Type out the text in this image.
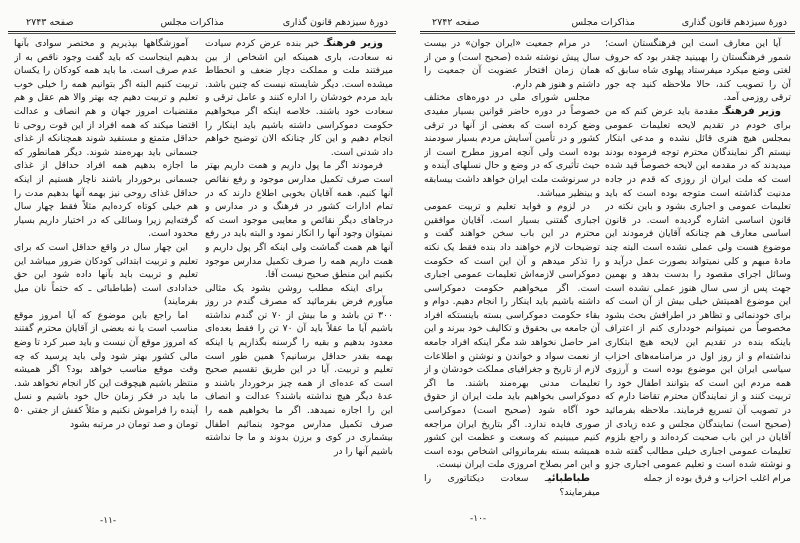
دورهٔ سیزدهم قانون گذاری
مذاکرات مجلس
صفحه ۲۷۴۳

وزیر فرهنگـ خیر بنده عرض کردم سیادت نه سعادت، باری همینکه این اشخاص از بین میرفتند ملت و مملکت دچار ضعف و انحطاط میشده است. دیگر شایسته نیست که چنین باشد. باید مردم خودشان را اداره کنند و عامل ترقی و سعادت خود باشند. خلاصه اینکه اگر میخواهیم حکومت دموکراسی داشته باشیم باید اینکار را انجام دهیم و این کار چنانکه الان توضیح خواهم داد شدنی است.

فرمودند اگر ما پول داریم و همت داریم بهتر است صرف تکمیل مدارس موجود و رفع نقائص آنها کنیم. همه آقایان بخوبی اطلاع دارند که در تمام ادارات کشور در فرهنگ و در مدارس و درجاهای دیگر نقائص و معایبی موجود است که نمیتوان وجود آنها را انکار نمود و البته باید در رفع آنها هم همت گماشت ولی اینکه اگر پول داریم و همت داریم همه را صرف تکمیل مدارس موجود بکنیم این منطق صحیح نیست آقا.

برای اینکه مطلب روشن بشود یک مثالی میآورم فرض بفرمائید که مصرف گندم در روز ۳۰۰ تن باشد و ما بیش از ۷۰ تن گندم نداشته باشیم آیا ما عقلاً باید آن ۷۰ تن را فقط بعده‌ای معدود بدهیم و بقیه را گرسنه بگذاریم یا اینکه بهمه بقدر حداقل برسانیم؟ همین طور است تعلیم و تربیت. آیا در این طریق تقسیم صحیح است که عده‌ای از همه چیز برخوردار باشند و عدهٔ دیگر هیچ نداشته باشند؟ عدالت و انصاف این را اجازه نمیدهد. اگر ما بخواهیم همه را صرف تکمیل مدارس موجود بنمائیم اطفال بیشماری در کوی و برزن بدوند و ما جا نداشته باشیم آنها را در

آموزشگاهها بپذیریم و مختصر سوادی بآنها بدهیم اینجاست که باید گفت وجود ناقص به از عدم صرف است. ما باید همه کودکان را یکسان تربیت کنیم البته اگر بتوانیم همه را خیلی خوب تعلیم و تربیت دهیم چه بهتر والا هم عقل و هم مقتضیات امروز جهان و هم انصاف و عدالت اقتضا میکند که همه افراد از این قوت روحی تا حداقل متمتع و مستفید شوند همچنانکه از غذای جسمانی باید بهره‌مند شوند. دیگر همانطور که ما اجازه بدهیم همه افراد حداقل از غذای جسمانی برخوردار باشند ناچار هستیم از اینکه حداقل غذای روحی نیز بهمه آنها بدهیم مدت را هم خیلی کوتاه کرده‌ایم مثلاً فقط چهار سال گرفته‌ایم زیرا وسائلی که در اختیار داریم بسیار محدود است.

این چهار سال در واقع حداقل است که برای تعلیم و تربیت ابتدائی کودکان ضرور میباشد این تعلیم و تربیت باید بآنها داده شود این حق خدادادی است (طباطبائی ـ که حتماً نان میل بفرمایند)

اما راجع باین موضوع که آیا امروز موقع مناسب است یا نه بعضی از آقایان محترم گفتند که امروز موقع آن نیست و باید صبر کرد تا وضع مالی کشور بهتر شود ولی باید پرسید که چه وقت موقع مناسب خواهد بود؟ اگر همیشه منتظر باشیم هیچوقت این کار انجام نخواهد شد. ما باید در فکر زمان حال خود باشیم و نسل آینده را فراموش نکنیم و مثلاً کفش از جفتی ۵۰ تومان و صد تومان در مرتبه بشود

-۱۱-
دورهٔ سیزدهم قانون گذاری
مذاکرات مجلس
صفحه ۲۷۴۲

آیا این معارف است این فرهنگستان است؛ شمور فرهنگستان را بهبینید چقدر بود که حروف لغتی وضع میکرد میفرستاد پهلوی شاه سابق که آن را تصویب کند، حالا ملاحظه کنید چه جور ترقی روزمی آمد.

وزیر فرهنگـ مقدمة باید عرض کنم که من برای خودم در تقدیم لایحه تعلیمات عمومی بمجلس هیچ هنری قائل نشده و مدعی ابتکار نیستم اگر نمایندگان محترم توجه فرموده بودند میدیدند که در مقدمه این لایحه خصوصاً قید شده است که ملت ایران از روزی که قدم در جاده مدنیت گذاشته است متوجه بوده است که باید تعلیمات عمومی و اجباری بشود و باین نکته در قانون اساسی اشاره گردیده است. در قانون اساسی معارف هم چنانکه آقایان فرمودند این موضوع هست ولی عملی نشده است البته چند مادهٔ مبهم و کلی نمیتواند بصورت عمل درآید و وسائل اجرای مقصود را بدست بدهد و بهمین جهت پس از سی سال هنوز عملی نشده است این موضوع اهمیتش خیلی بیش از آن است که برای خودنمائی و تظاهر در اطرافش بحث بشود مخصوصاً من نمیتوانم خودداری کنم از اعتراف باینکه بنده در تقدیم این لایحه هیچ ابتکاری نداشته‌ام و از روز اول در مرامنامه‌های احزاب سیاسی ایران این موضوع بوده است و آرزوی همه مردم این است که بتوانند اطفال خود را تربیت کنند و از نمایندگان محترم تقاضا دارم که در تصویب آن تسریع فرمایند. ملاحظه بفرمائید (صحیح است) نمایندگان مجلس و عده زیادی از آقایان در این باب صحبت کرده‌اند و راجع بلزوم تعلیمات عمومی اجباری خیلی مطالب گفته شده و نوشته شده است و تعلیم عمومی اجباری جزو مرام اغلب احزاب و فرق بوده از جمله

در مرام جمعیت «ایران جوان» در بیست سال پیش نوشته شده (صحیح است) و من از همان زمان افتخار عضویت آن جمعیت را داشتم و هنوز هم دارم.

مجلس شورای ملی در دوره‌های مختلف خصوصاً در دوره حاضر قوانین بسیار مفیدی وضع کرده است که بعضی از آنها در ترقی کشور و در تأمین آسایش مردم بسیار سودمند بوده است ولی آنچه امروز مطرح است از حیث تأثیری که در وضع و حال نسلهای آینده و در سرنوشت ملت ایران خواهد داشت بیسابقه و بینظیر میباشد.

در لزوم و فواید تعلیم و تربیت عمومی اجباری گفتنی بسیار است. آقایان موافقین محترم در این باب سخن خواهند گفت و توضیحات لازم خواهند داد بنده فقط یک نکته را تذکر میدهم و آن این است که حکومت دموکراسی لازمه‌اش تعلیمات عمومی اجباری است. اگر میخواهیم حکومت دموکراسی داشته باشیم باید اینکار را انجام دهیم. دوام و بقاء حکومت دموکراسی بسته باینستکه افراد آن جامعه بی بحقوق و تکالیف خود ببرند و این امر حاصل نخواهد شد مگر اینکه افراد جامعه از نعمت سواد و خواندن و نوشتن و اطلاعات لازم از تاریخ و جغرافیای مملکت خودشان و از تعلیمات مدنی بهره‌مند باشند. ما اگر دموکراسی بخواهیم باید ملت ایران از حقوق خود آگاه شود (صحیح است) دموکراسی صوری فایده ندارد. اگر بتاریخ ایران مراجعه کنیم میبینیم که وسعت و عظمت این کشور همیشه بسته بفرمانروائی اشخاص بوده است و این امر بصلاح امروزی ملت ایران نیست.

طباطبائیـ سعادت دیکتاتوری را میفرمایند؟

-۱۰-
